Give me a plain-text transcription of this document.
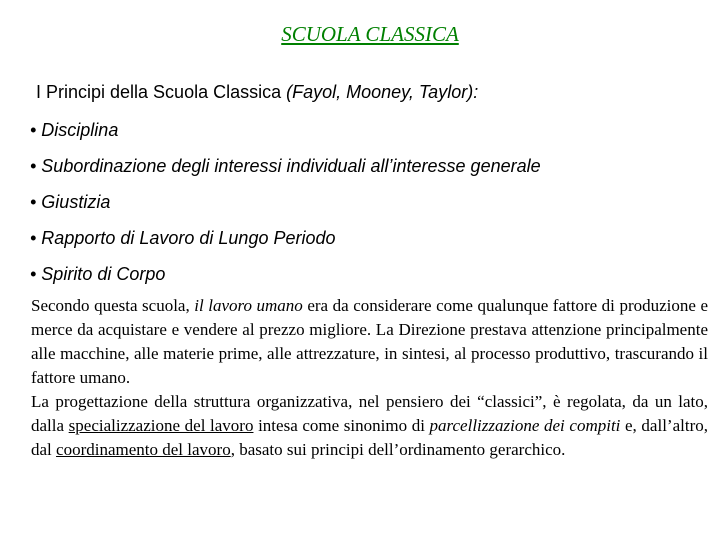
SCUOLA CLASSICA
I Principi della Scuola Classica (Fayol, Mooney, Taylor):
• Disciplina
• Subordinazione degli interessi individuali all’interesse generale
• Giustizia
• Rapporto di Lavoro di Lungo Periodo
• Spirito di Corpo

Secondo questa scuola, il lavoro umano era da considerare come qualunque fattore di produzione e merce da acquistare e vendere al prezzo migliore. La Direzione prestava attenzione principalmente alle macchine, alle materie prime, alle attrezzature, in sintesi, al processo produttivo, trascurando il fattore umano.

La progettazione della struttura organizzativa, nel pensiero dei “classici”, è regolata, da un lato, dalla specializzazione del lavoro intesa come sinonimo di parcellizzazione dei compiti e, dall’altro, dal coordinamento del lavoro, basato sui principi dell’ordinamento gerarchico.
